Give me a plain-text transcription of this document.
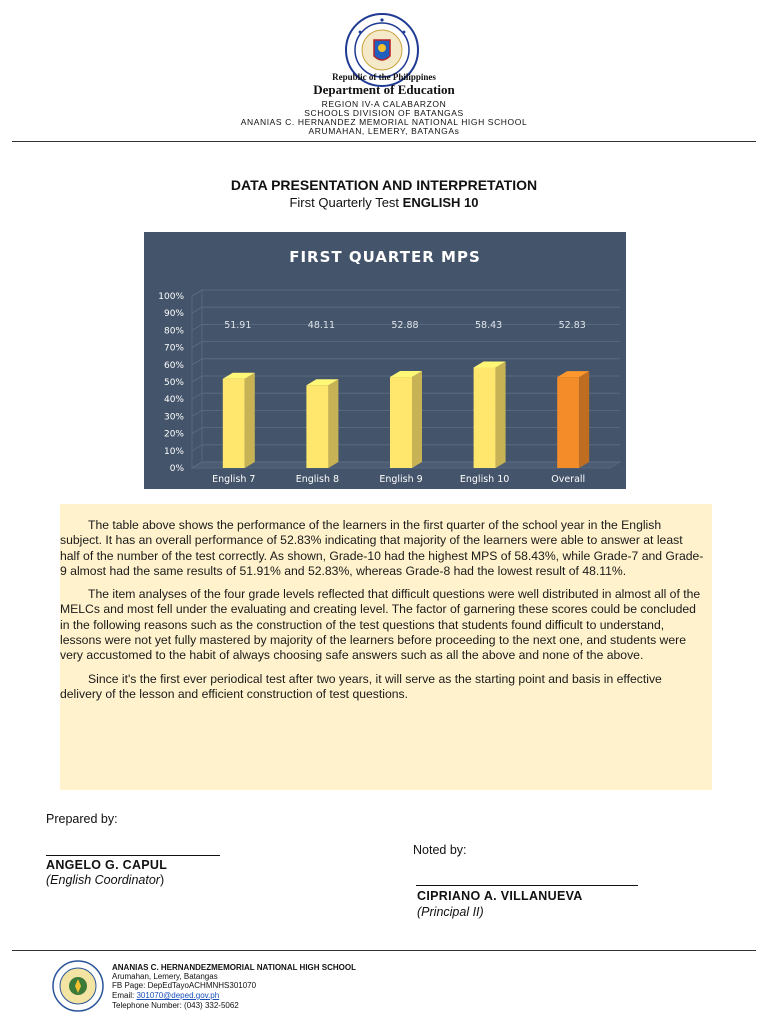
Republic of the Philippines
Department of Education
REGION IV-A CALABARZON
SCHOOLS DIVISION OF BATANGAS
ANANIAS C. HERNANDEZ MEMORIAL NATIONAL HIGH SCHOOL
ARUMAHAN, LEMERY, BATANGAs
DATA PRESENTATION AND INTERPRETATION
First Quarterly Test ENGLISH 10
FIRST QUARTER MPS
0%
10%
20%
30%
40%
50%
60%
70%
80%
90%
100%
English 7
51.91
English 8
48.11
English 9
52.88
English 10
58.43
Overall
52.83

The table above shows the performance of the learners in the first quarter of the school year in the English subject. It has an overall performance of 52.83% indicating that majority of the learners were able to answer at least half of the number of the test correctly. As shown, Grade-10 had the highest MPS of 58.43%, while Grade-7 and Grade-9 almost had the same results of 51.91% and 52.83%, whereas Grade-8 had the lowest result of 48.11%.

The item analyses of the four grade levels reflected that difficult questions were well distributed in almost all of the MELCs and most fell under the evaluating and creating level. The factor of garnering these scores could be concluded in the following reasons such as the construction of the test questions that students found difficult to understand, lessons were not yet fully mastered by majority of the learners before proceeding to the next one, and students were very accustomed to the habit of always choosing safe answers such as all the above and none of the above.

Since it's the first ever periodical test after two years, it will serve as the starting point and basis in effective delivery of the lesson and efficient construction of test questions.

Prepared by:
ANGELO G. CAPUL
(English Coordinator)
Noted by:
CIPRIANO A. VILLANUEVA
(Principal II)
ANANIAS C. HERNANDEZMEMORIAL NATIONAL HIGH SCHOOL
Arumahan, Lemery, Batangas
FB Page: DepEdTayoACHMNHS301070
Email: 301070@deped.gov.ph
Telephone Number: (043) 332-5062
